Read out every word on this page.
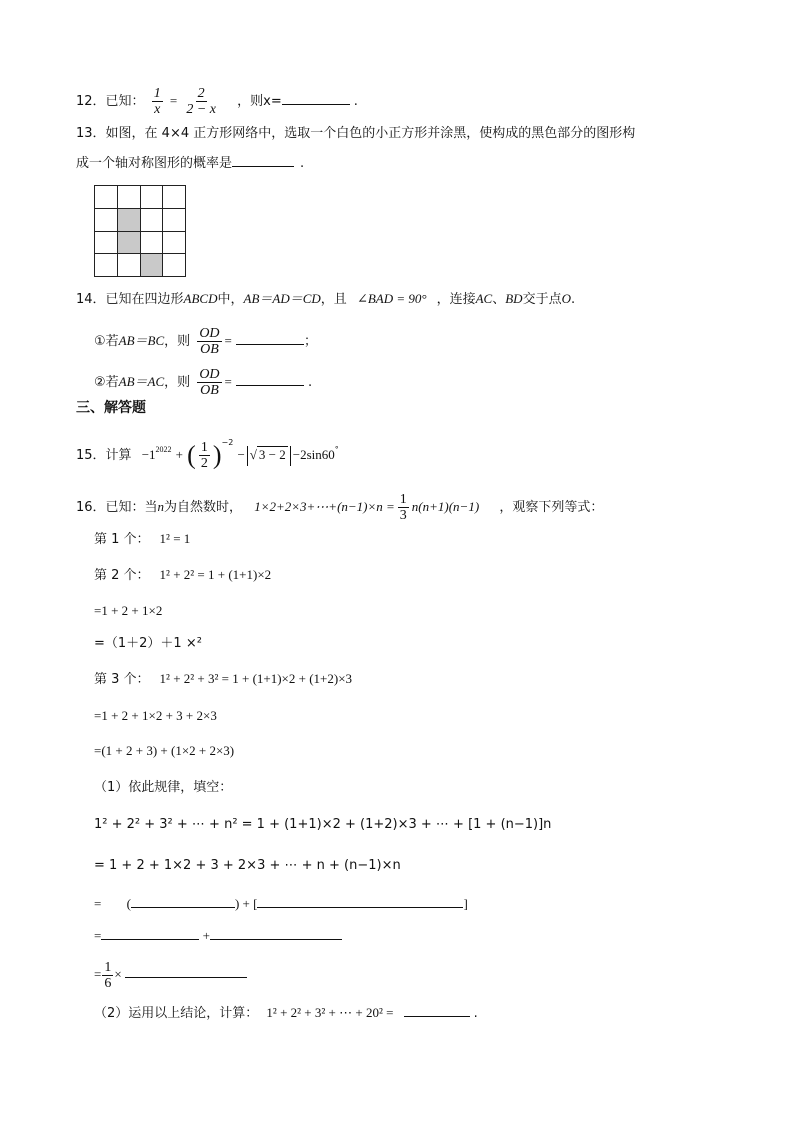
12．已知： $\frac{1}{x} = \frac{2}{2 - x}$ ，则x=	.
13．如图，在 4×4 正方形网络中，选取一个白色的小正方形并涂黑，使构成的黑色部分的图形构
成一个轴对称图形的概率是	.

14．已知在四边形ABCD中，AB＝AD＝CD，且 ∠BAD = 90° ，连接AC、BD交于点O.
①若AB＝BC，则 $\frac{OD}{OB}$ =	；
②若AB＝AC，则 $\frac{OD}{OB}$ =	.
三、解答题
15．计算 $-1^{2022}$ + ( $\frac{1}{2} )^{-2}$ − √ 3 − 2 −2sin60°
16．已知：当n为自然数时， 1×2+2×3+⋯+(n−1)×n = $\frac{1}{3} n(n+1)(n-1)$ ，观察下列等式：
第 1 个： 1² = 1
第 2 个： 1² + 2² = 1 + (1+1)×2
=1 + 2 + 1×2
=（1＋2）＋1 ×²
第 3 个： 1² + 2² + 3² = 1 + (1+1)×2 + (1+2)×3
=1 + 2 + 1×2 + 3 + 2×3
=(1 + 2 + 3) + (1×2 + 2×3)
（1）依此规律，填空：
1² + 2² + 3² + ⋯ + n² = 1 + (1+1)×2 + (1+2)×3 + ⋯ + [1 + (n−1)]n
= 1 + 2 + 1×2 + 3 + 2×3 + ⋯ + n + (n−1)×n
= (	) + [	]
=	+
= $\frac{1}{6}$ ×
（2）运用以上结论，计算： 1² + 2² + 3² + ⋯ + 20² =	.
